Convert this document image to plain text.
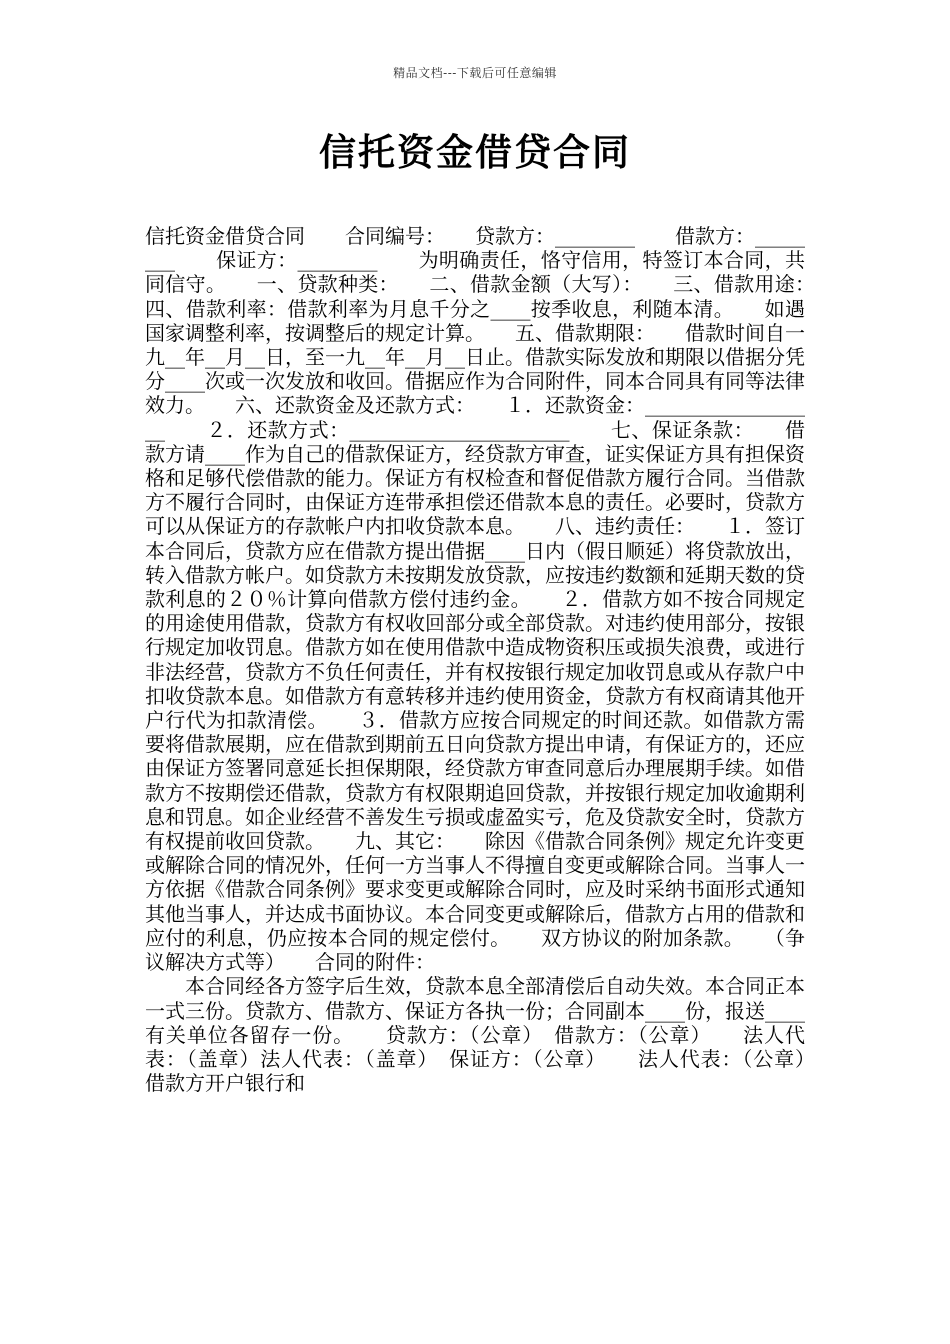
精品文档---下载后可任意编辑
信托资金借贷合同
信托资金借贷合同　　合同编号：　　贷款方：________　　借款方：________　　保证方：________　　为明确责任，恪守信用，特签订本合同，共同信守。　　一、贷款种类：　　二、借款金额（大写）：　　三、借款用途：　　四、借款利率：借款利率为月息千分之____按季收息，利随本清。　　如遇国家调整利率，按调整后的规定计算。　　五、借款期限：　　借款时间自一九__年__月__日，至一九__年__月__日止。借款实际发放和期限以借据分凭分____次或一次发放和收回。借据应作为合同附件，同本合同具有同等法律效力。　　六、还款资金及还款方式：　　１．还款资金：__________________　　２．还款方式：______________________　　七、保证条款：　　借款方请____作为自己的借款保证方，经贷款方审查，证实保证方具有担保资格和足够代偿借款的能力。保证方有权检查和督促借款方履行合同。当借款方不履行合同时，由保证方连带承担偿还借款本息的责任。必要时，贷款方可以从保证方的存款帐户内扣收贷款本息。　　八、违约责任：　　１．签订本合同后，贷款方应在借款方提出借据____日内（假日顺延）将贷款放出，转入借款方帐户。如贷款方未按期发放贷款，应按违约数额和延期天数的贷款利息的２０％计算向借款方偿付违约金。　　２．借款方如不按合同规定的用途使用借款，贷款方有权收回部分或全部贷款。对违约使用部分，按银行规定加收罚息。借款方如在使用借款中造成物资积压或损失浪费，或进行非法经营，贷款方不负任何责任，并有权按银行规定加收罚息或从存款户中扣收贷款本息。如借款方有意转移并违约使用资金，贷款方有权商请其他开户行代为扣款清偿。　　３．借款方应按合同规定的时间还款。如借款方需要将借款展期，应在借款到期前五日向贷款方提出申请，有保证方的，还应由保证方签署同意延长担保期限，经贷款方审查同意后办理展期手续。如借款方不按期偿还借款，贷款方有权限期追回贷款，并按银行规定加收逾期利息和罚息。如企业经营不善发生亏损或虚盈实亏，危及贷款安全时，贷款方有权提前收回贷款。　　九、其它：　　除因《借款合同条例》规定允许变更或解除合同的情况外，任何一方当事人不得擅自变更或解除合同。当事人一方依据《借款合同条例》要求变更或解除合同时，应及时采纳书面形式通知其他当事人，并达成书面协议。本合同变更或解除后，借款方占用的借款和应付的利息，仍应按本合同的规定偿付。　　双方协议的附加条款。　　（争议解决方式等）　　合同的附件：
　　本合同经各方签字后生效，贷款本息全部清偿后自动失效。本合同正本一式三份。贷款方、借款方、保证方各执一份；合同副本____份，报送____有关单位各留存一份。　　贷款方：（公章）　借款方：（公章）　　法人代表：（盖章）法人代表：（盖章）　保证方：（公章）　　法人代表：（公章）　　借款方开户银行和
